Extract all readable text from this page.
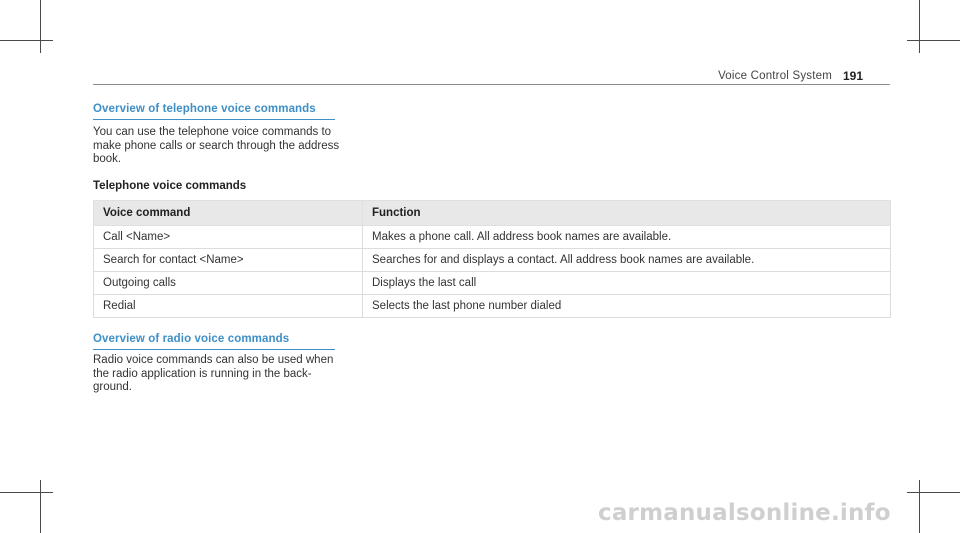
Voice Control System 191
Overview of telephone voice commands
You can use the telephone voice commands to
make phone calls or search through the address
book.
Telephone voice commands
Voice command	Function
Call <Name>	Makes a phone call. All address book names are available.
Search for contact <Name>	Searches for and displays a contact. All address book names are available.
Outgoing calls	Displays the last call
Redial	Selects the last phone number dialed
Overview of radio voice commands
Radio voice commands can also be used when
the radio application is running in the back-
ground.
carmanualsonline.info
